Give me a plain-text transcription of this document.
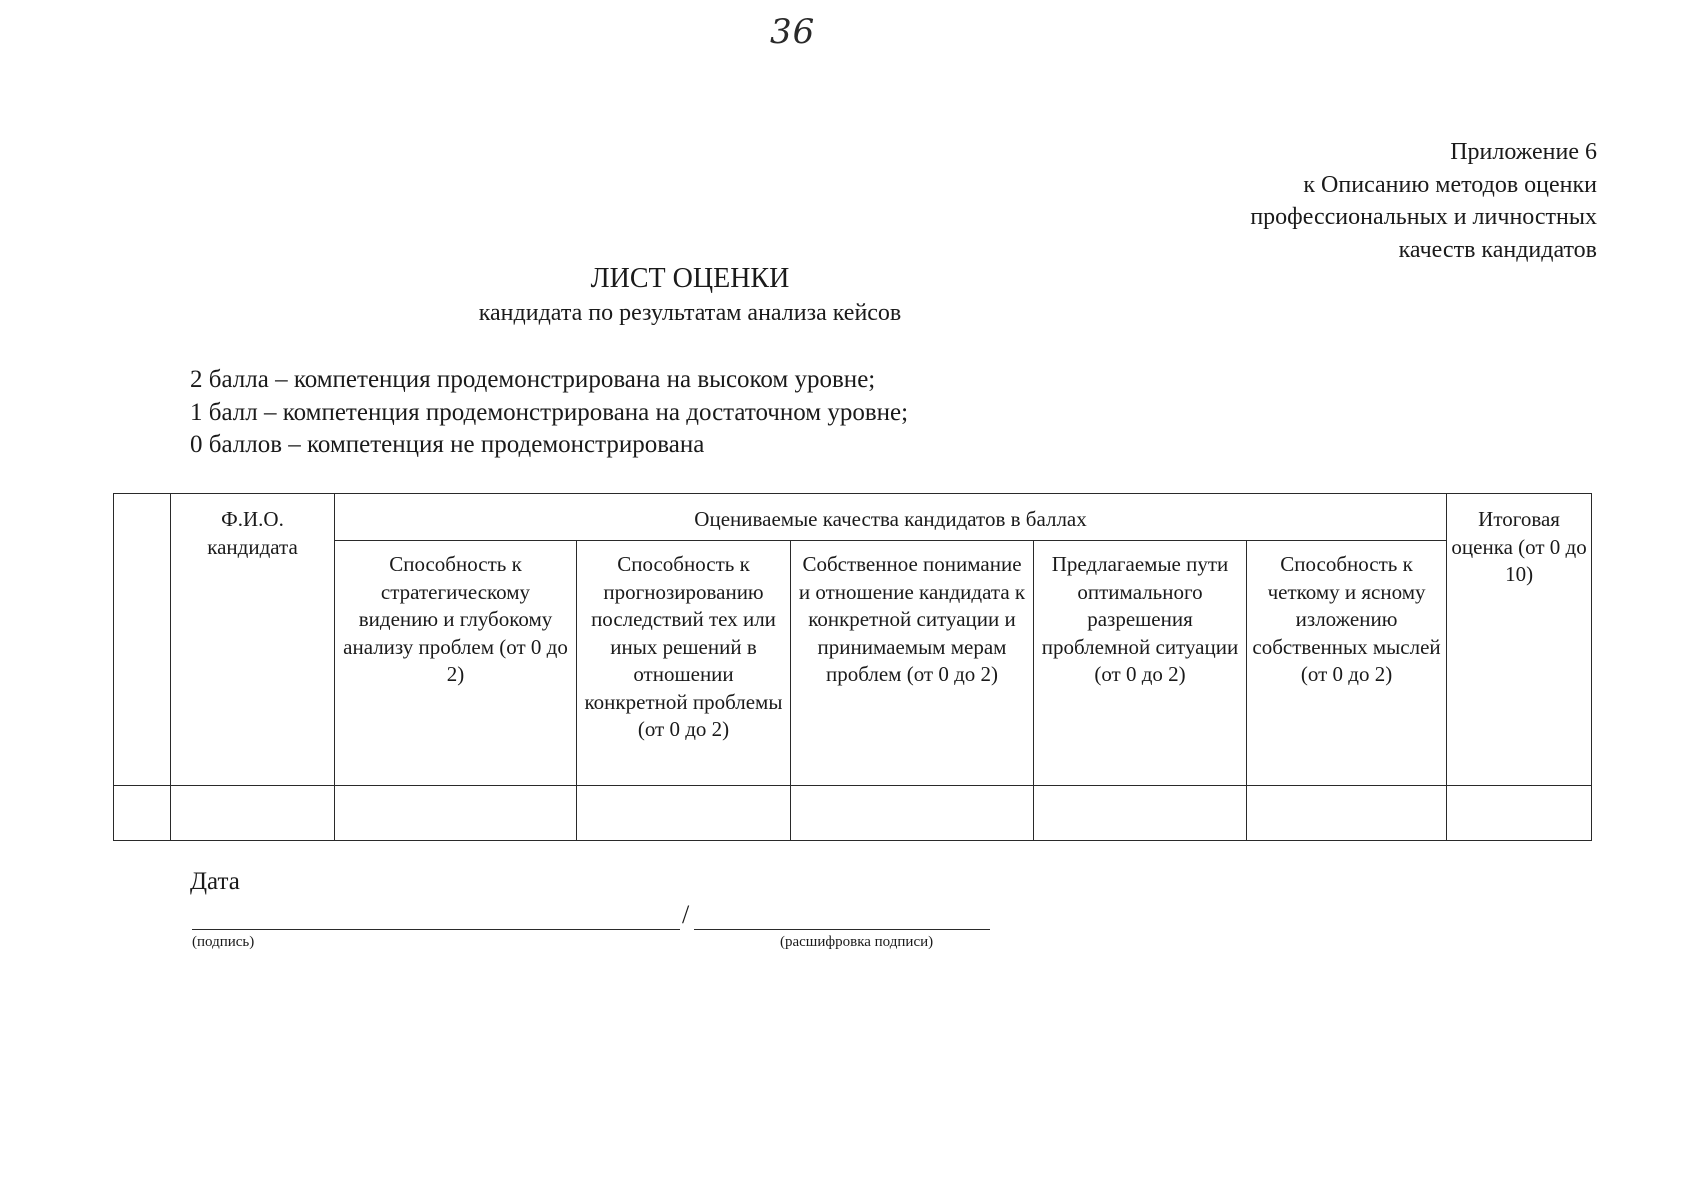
36
Приложение 6
к Описанию методов оценки
профессиональных и личностных
качеств кандидатов
ЛИСТ ОЦЕНКИ
кандидата по результатам анализа кейсов
2 балла – компетенция продемонстрирована на высоком уровне;
1 балл – компетенция продемонстрирована на достаточном уровне;
0 баллов – компетенция не продемонстрирована

	Ф.И.О. кандидата	Оцениваемые качества кандидатов в баллах					Итоговая оценка (от 0 до 10)

		Способность к стратегическому видению и глубокому анализу проблем (от 0 до 2)	Способность к прогнозированию последствий тех или иных решений в отношении конкретной проблемы (от 0 до 2)	Собственное понимание и отношение кандидата к конкретной ситуации и принимаемым мерам проблем (от 0 до 2)	Предлагаемые пути оптимального разрешения проблемной ситуации (от 0 до 2)	Способность к четкому и ясному изложению собственных мыслей (от 0 до 2)	

Дата
/
(подпись)	(расшифровка подписи)
